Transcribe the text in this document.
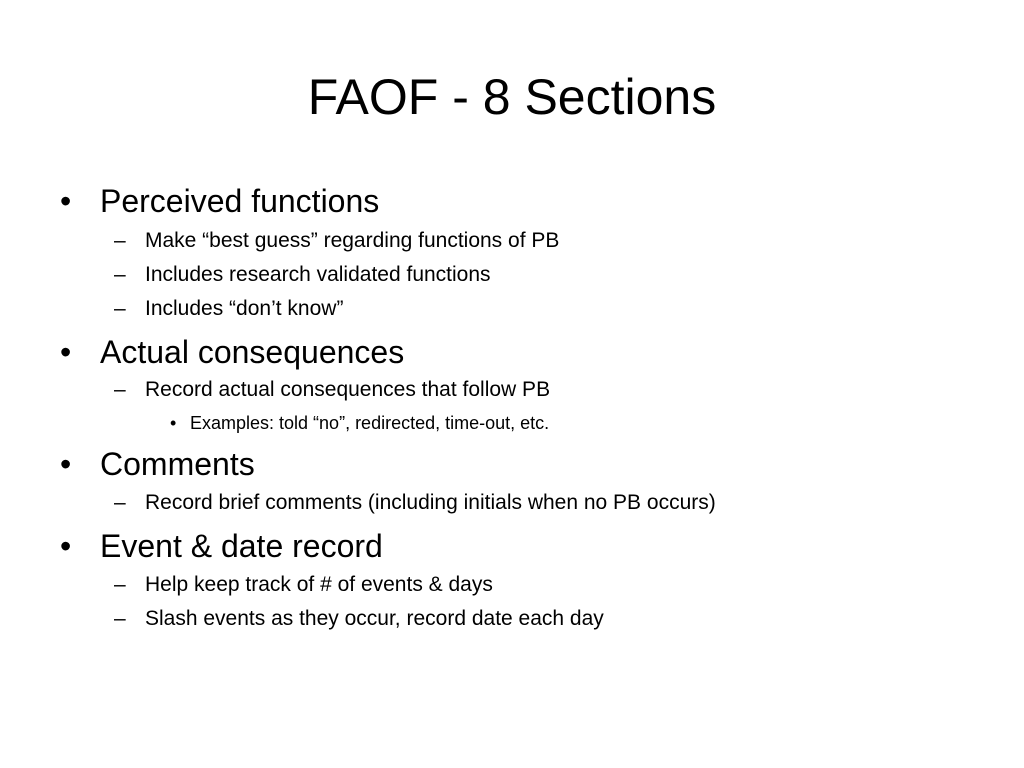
FAOF - 8 Sections
• Perceived functions
– Make “best guess” regarding functions of PB
– Includes research validated functions
– Includes “don’t know”
• Actual consequences
– Record actual consequences that follow PB
• Examples: told “no”, redirected, time-out, etc.
• Comments
– Record brief comments (including initials when no PB occurs)
• Event & date record
– Help keep track of # of events & days
– Slash events as they occur, record date each day
